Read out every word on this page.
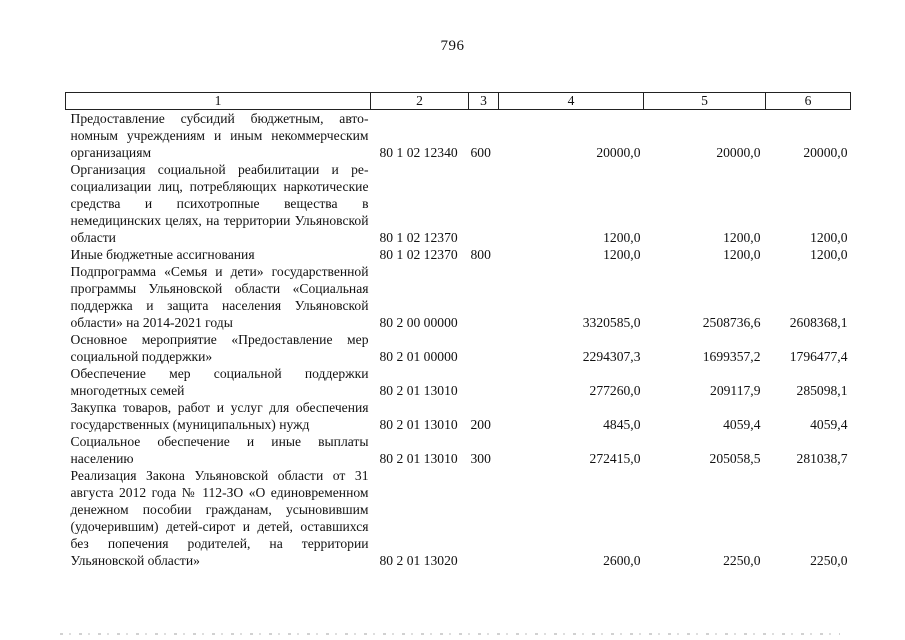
796
1	2	3	4	5	6
Предоставление субсидий бюджетным, автономным учреждениям и иным некоммерческим организациям	80 1 02 12340	600	20000,0	20000,0	20000,0
Организация социальной реабилитации и ресоциализации лиц, потребляющих наркотические средства и психотропные вещества в немедицинских целях, на территории Ульяновской области	80 1 02 12370		1200,0	1200,0	1200,0
Иные бюджетные ассигнования	80 1 02 12370	800	1200,0	1200,0	1200,0
Подпрограмма «Семья и дети» государственной программы Ульяновской области «Социальная поддержка и защита населения Ульяновской области» на 2014-2021 годы	80 2 00 00000		3320585,0	2508736,6	2608368,1
Основное мероприятие «Предоставление мер социальной поддержки»	80 2 01 00000		2294307,3	1699357,2	1796477,4
Обеспечение мер социальной поддержки многодетных семей	80 2 01 13010		277260,0	209117,9	285098,1
Закупка товаров, работ и услуг для обеспечения государственных (муниципальных) нужд	80 2 01 13010	200	4845,0	4059,4	4059,4
Социальное обеспечение и иные выплаты населению	80 2 01 13010	300	272415,0	205058,5	281038,7
Реализация Закона Ульяновской области от 31 августа 2012 года № 112-ЗО «О единовременном денежном пособии гражданам, усыновившим (удочерившим) детей-сирот и детей, оставшихся без попечения родителей, на территории Ульяновской области»	80 2 01 13020		2600,0	2250,0	2250,0
